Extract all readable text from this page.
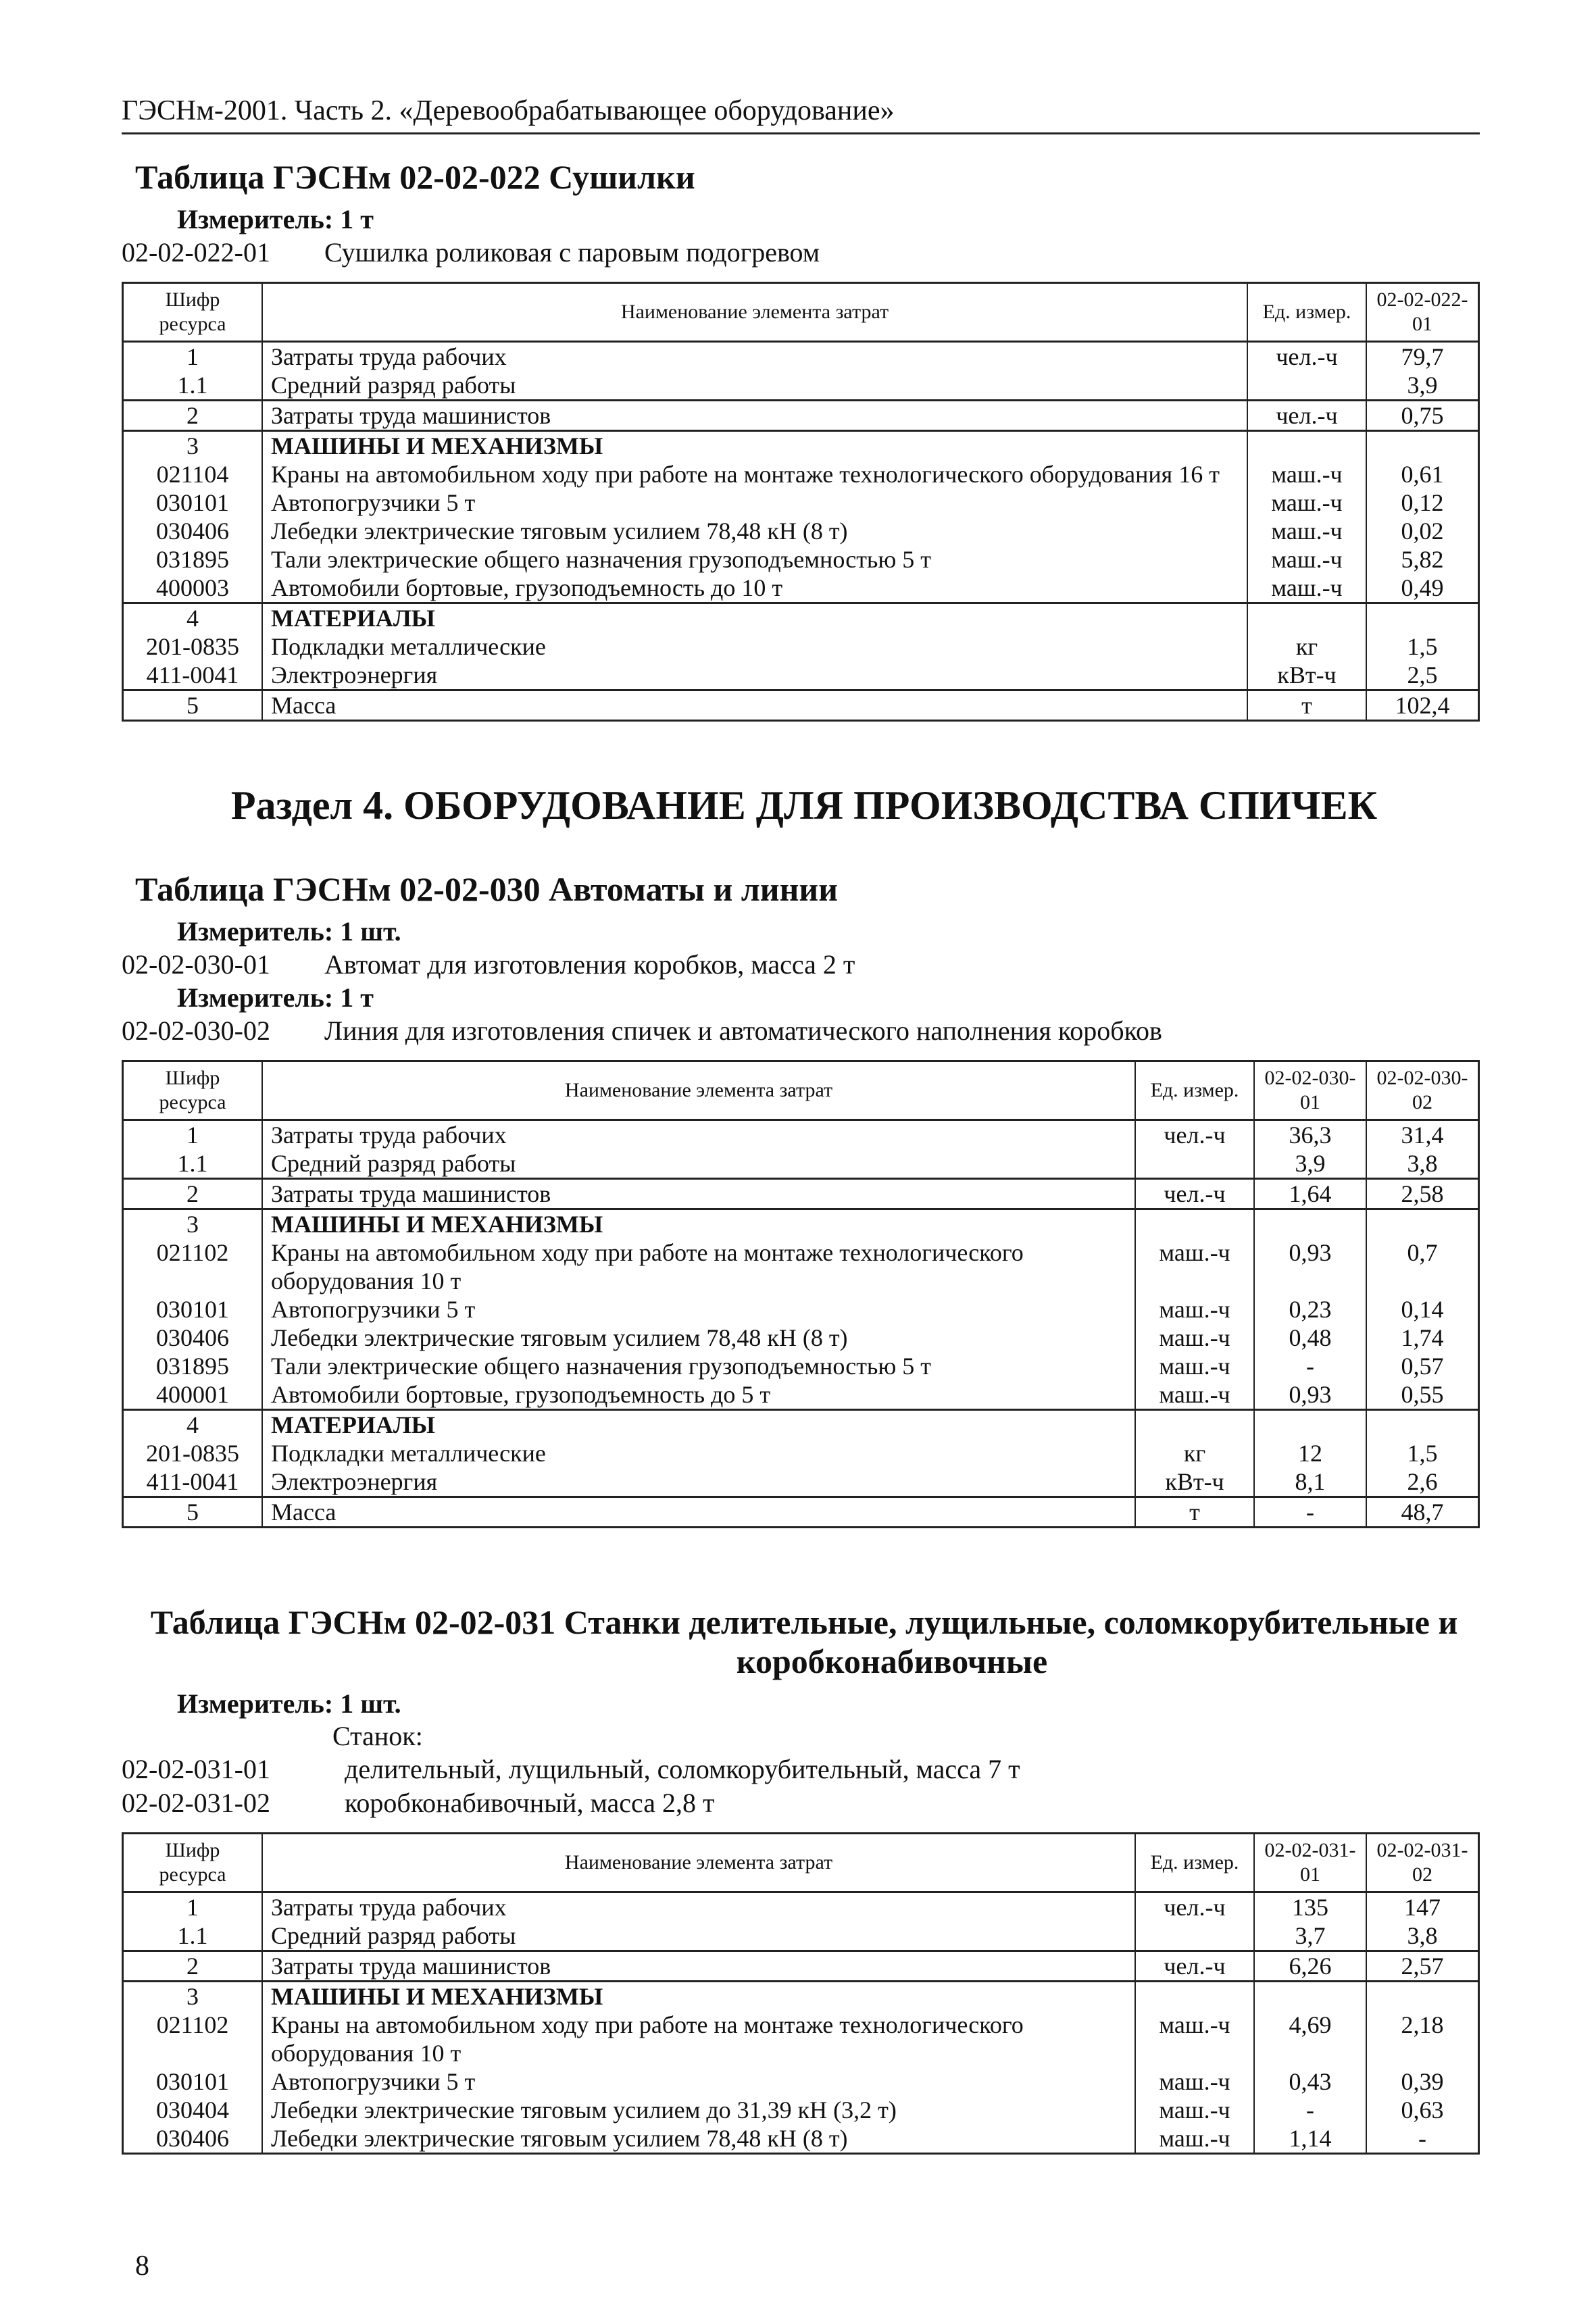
ГЭСНм-2001. Часть 2. «Деревообрабатывающее оборудование»
Таблица ГЭСНм 02-02-022 Сушилки
Измеритель: 1 т
02-02-022-01	Сушилка роликовая с паровым подогревом
Шифр ресурса	Наименование элемента затрат	Ед. измер.	02-02-022-01
1	Затраты труда рабочих	чел.-ч	79,7
1.1	Средний разряд работы		3,9
2	Затраты труда машинистов	чел.-ч	0,75
3	МАШИНЫ И МЕХАНИЗМЫ		
021104	Краны на автомобильном ходу при работе на монтаже технологического оборудования 16 т	маш.-ч	0,61
030101	Автопогрузчики 5 т	маш.-ч	0,12
030406	Лебедки электрические тяговым усилием 78,48 кН (8 т)	маш.-ч	0,02
031895	Тали электрические общего назначения грузоподъемностью 5 т	маш.-ч	5,82
400003	Автомобили бортовые, грузоподъемность до 10 т	маш.-ч	0,49
4	МАТЕРИАЛЫ		
201-0835	Подкладки металлические	кг	1,5
411-0041	Электроэнергия	кВт-ч	2,5
5	Масса	т	102,4
Раздел 4. ОБОРУДОВАНИЕ ДЛЯ ПРОИЗВОДСТВА СПИЧЕК
Таблица ГЭСНм 02-02-030 Автоматы и линии
Измеритель: 1 шт.
02-02-030-01	Автомат для изготовления коробков, масса 2 т
Измеритель: 1 т
02-02-030-02	Линия для изготовления спичек и автоматического наполнения коробков
Шифр ресурса	Наименование элемента затрат	Ед. измер.	02-02-030-01	02-02-030-02
1	Затраты труда рабочих	чел.-ч	36,3	31,4
1.1	Средний разряд работы		3,9	3,8
2	Затраты труда машинистов	чел.-ч	1,64	2,58
3	МАШИНЫ И МЕХАНИЗМЫ			
021102	Краны на автомобильном ходу при работе на монтаже технологического оборудования 10 т	маш.-ч	0,93	0,7
030101	Автопогрузчики 5 т	маш.-ч	0,23	0,14
030406	Лебедки электрические тяговым усилием 78,48 кН (8 т)	маш.-ч	0,48	1,74
031895	Тали электрические общего назначения грузоподъемностью 5 т	маш.-ч	-	0,57
400001	Автомобили бортовые, грузоподъемность до 5 т	маш.-ч	0,93	0,55
4	МАТЕРИАЛЫ			
201-0835	Подкладки металлические	кг	12	1,5
411-0041	Электроэнергия	кВт-ч	8,1	2,6
5	Масса	т	-	48,7
Таблица ГЭСНм 02-02-031 Станки делительные, лущильные, соломкорубительные и
коробконабивочные
Измеритель: 1 шт.
Станок:
02-02-031-01	делительный, лущильный, соломкорубительный, масса 7 т
02-02-031-02	коробконабивочный, масса 2,8 т
Шифр ресурса	Наименование элемента затрат	Ед. измер.	02-02-031-01	02-02-031-02
1	Затраты труда рабочих	чел.-ч	135	147
1.1	Средний разряд работы		3,7	3,8
2	Затраты труда машинистов	чел.-ч	6,26	2,57
3	МАШИНЫ И МЕХАНИЗМЫ			
021102	Краны на автомобильном ходу при работе на монтаже технологического оборудования 10 т	маш.-ч	4,69	2,18
030101	Автопогрузчики 5 т	маш.-ч	0,43	0,39
030404	Лебедки электрические тяговым усилием до 31,39 кН (3,2 т)	маш.-ч	-	0,63
030406	Лебедки электрические тяговым усилием 78,48 кН (8 т)	маш.-ч	1,14	-
8
